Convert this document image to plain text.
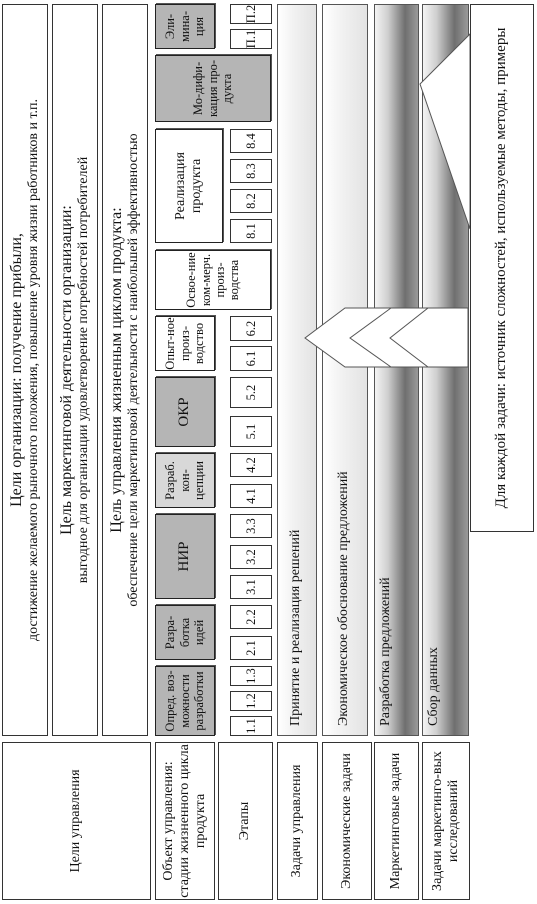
Цели управления	Объект управления: стадии жизненного цикла продукта Этапы	Задачи управления Экономические задачи Маркетинговые задачи Задачи маркетинго-вых исследований
Цели организации: получение прибыли, достижение желаемого рыночного положения, повышение уровня жизни работников и т.п. Цель маркетинговой деятельности организации: выгодное для организации удовлетворение потребностей потребителей Цель управления жизненным циклом продукта: обеспечение цели маркетинговой деятельности с наибольшей эффективностью
Опред. воз-можности разработки
Разра-ботка идей
НИР
Разраб. кон-цепции
ОКР
Опыт-ное произ-водство
Освое-ние ком-мерч. произ-водства
Реализация продукта
Мо-дифи-кация про-дукта
Эли-мина-ция
1.1
1.2
1.3
2.1
2.2
3.1
3.2
3.3
4.1
4.2
5.1
5.2
6.1
6.2
8.1
8.2
8.3
8.4
П.1
П.2
Принятие и реализация решений Экономическое обоснование предложений Разработка предложений Сбор данных
Для каждой задачи: источник сложностей, используемые методы, примеры
